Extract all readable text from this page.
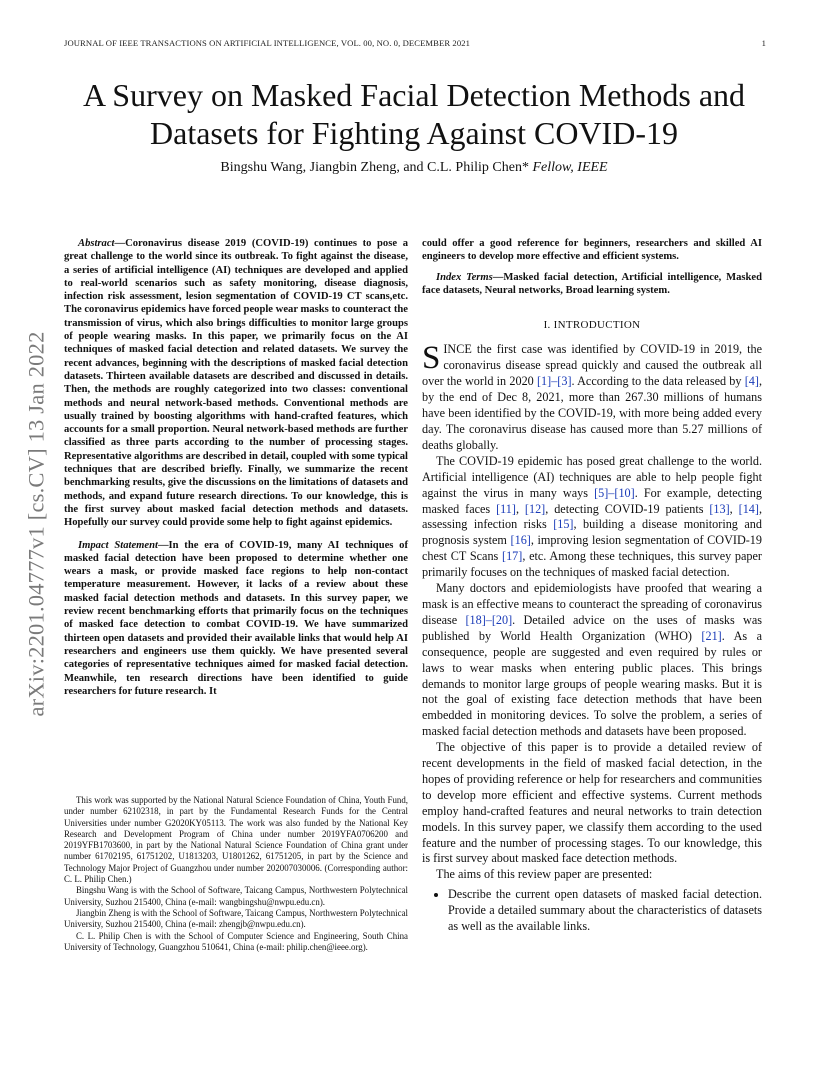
JOURNAL OF IEEE TRANSACTIONS ON ARTIFICIAL INTELLIGENCE, VOL. 00, NO. 0, DECEMBER 2021	1
arXiv:2201.04777v1 [cs.CV] 13 Jan 2022
A Survey on Masked Facial Detection Methods and Datasets for Fighting Against COVID-19
Bingshu Wang, Jiangbin Zheng, and C.L. Philip Chen* Fellow, IEEE

Abstract—Coronavirus disease 2019 (COVID-19) continues to pose a great challenge to the world since its outbreak. To fight against the disease, a series of artificial intelligence (AI) techniques are developed and applied to real-world scenarios such as safety monitoring, disease diagnosis, infection risk assessment, lesion segmentation of COVID-19 CT scans,etc. The coronavirus epidemics have forced people wear masks to counteract the transmission of virus, which also brings difficulties to monitor large groups of people wearing masks. In this paper, we primarily focus on the AI techniques of masked facial detection and related datasets. We survey the recent advances, beginning with the descriptions of masked facial detection datasets. Thirteen available datasets are described and discussed in details. Then, the methods are roughly categorized into two classes: conventional methods and neural network-based methods. Conventional methods are usually trained by boosting algorithms with hand-crafted features, which accounts for a small proportion. Neural network-based methods are further classified as three parts according to the number of processing stages. Representative algorithms are described in detail, coupled with some typical techniques that are described briefly. Finally, we summarize the recent benchmarking results, give the discussions on the limitations of datasets and methods, and expand future research directions. To our knowledge, this is the first survey about masked facial detection methods and datasets. Hopefully our survey could provide some help to fight against epidemics.

Impact Statement—In the era of COVID-19, many AI techniques of masked facial detection have been proposed to determine whether one wears a mask, or provide masked face regions to help non-contact temperature measurement. However, it lacks of a review about these masked facial detection methods and datasets. In this survey paper, we review recent benchmarking efforts that primarily focus on the techniques of masked face detection to combat COVID-19. We have summarized thirteen open datasets and provided their available links that would help AI researchers and engineers use them quickly. We have presented several categories of representative techniques aimed for masked facial detection. Meanwhile, ten research directions have been identified to guide researchers for future research. It

This work was supported by the National Natural Science Foundation of China, Youth Fund, under number 62102318, in part by the Fundamental Research Funds for the Central Universities under number G2020KY05113. The work was also funded by the National Key Research and Development Program of China under number 2019YFA0706200 and 2019YFB1703600, in part by the National Natural Science Foundation of China grant under number 61702195, 61751202, U1813203, U1801262, 61751205, in part by the Science and Technology Major Project of Guangzhou under number 202007030006. (Corresponding author: C. L. Philip Chen.)

Bingshu Wang is with the School of Software, Taicang Campus, Northwestern Polytechnical University, Suzhou 215400, China (e-mail: wangbingshu@nwpu.edu.cn).

Jiangbin Zheng is with the School of Software, Taicang Campus, Northwestern Polytechnical University, Suzhou 215400, China (e-mail: zhengjb@nwpu.edu.cn).

C. L. Philip Chen is with the School of Computer Science and Engineering, South China University of Technology, Guangzhou 510641, China (e-mail: philip.chen@ieee.org).

could offer a good reference for beginners, researchers and skilled AI engineers to develop more effective and efficient systems.

Index Terms—Masked facial detection, Artificial intelligence, Masked face datasets, Neural networks, Broad learning system.

I. INTRODUCTION

SINCE the first case was identified by COVID-19 in 2019, the coronavirus disease spread quickly and caused the outbreak all over the world in 2020 [1]–[3]. According to the data released by [4], by the end of Dec 8, 2021, more than 267.30 millions of humans have been identified by the COVID-19, with more being added every day. The coronavirus disease has caused more than 5.27 millions of deaths globally.

The COVID-19 epidemic has posed great challenge to the world. Artificial intelligence (AI) techniques are able to help people fight against the virus in many ways [5]–[10]. For example, detecting masked faces [11], [12], detecting COVID-19 patients [13], [14], assessing infection risks [15], building a disease monitoring and prognosis system [16], improving lesion segmentation of COVID-19 chest CT Scans [17], etc. Among these techniques, this survey paper primarily focuses on the techniques of masked facial detection.

Many doctors and epidemiologists have proofed that wearing a mask is an effective means to counteract the spreading of coronavirus disease [18]–[20]. Detailed advice on the uses of masks was published by World Health Organization (WHO) [21]. As a consequence, people are suggested and even required by rules or laws to wear masks when entering public places. This brings demands to monitor large groups of people wearing masks. But it is not the goal of existing face detection methods that have been embedded in monitoring devices. To solve the problem, a series of masked facial detection methods and datasets have been proposed.

The objective of this paper is to provide a detailed review of recent developments in the field of masked facial detection, in the hopes of providing reference or help for researchers and communities to develop more efficient and effective systems. Current methods employ hand-crafted features and neural networks to train detection models. In this survey paper, we classify them according to the used feature and the number of processing stages. To our knowledge, this is first survey about masked face detection methods.

The aims of this review paper are presented:

• Describe the current open datasets of masked facial detection. Provide a detailed summary about the characteristics of datasets as well as the available links.
